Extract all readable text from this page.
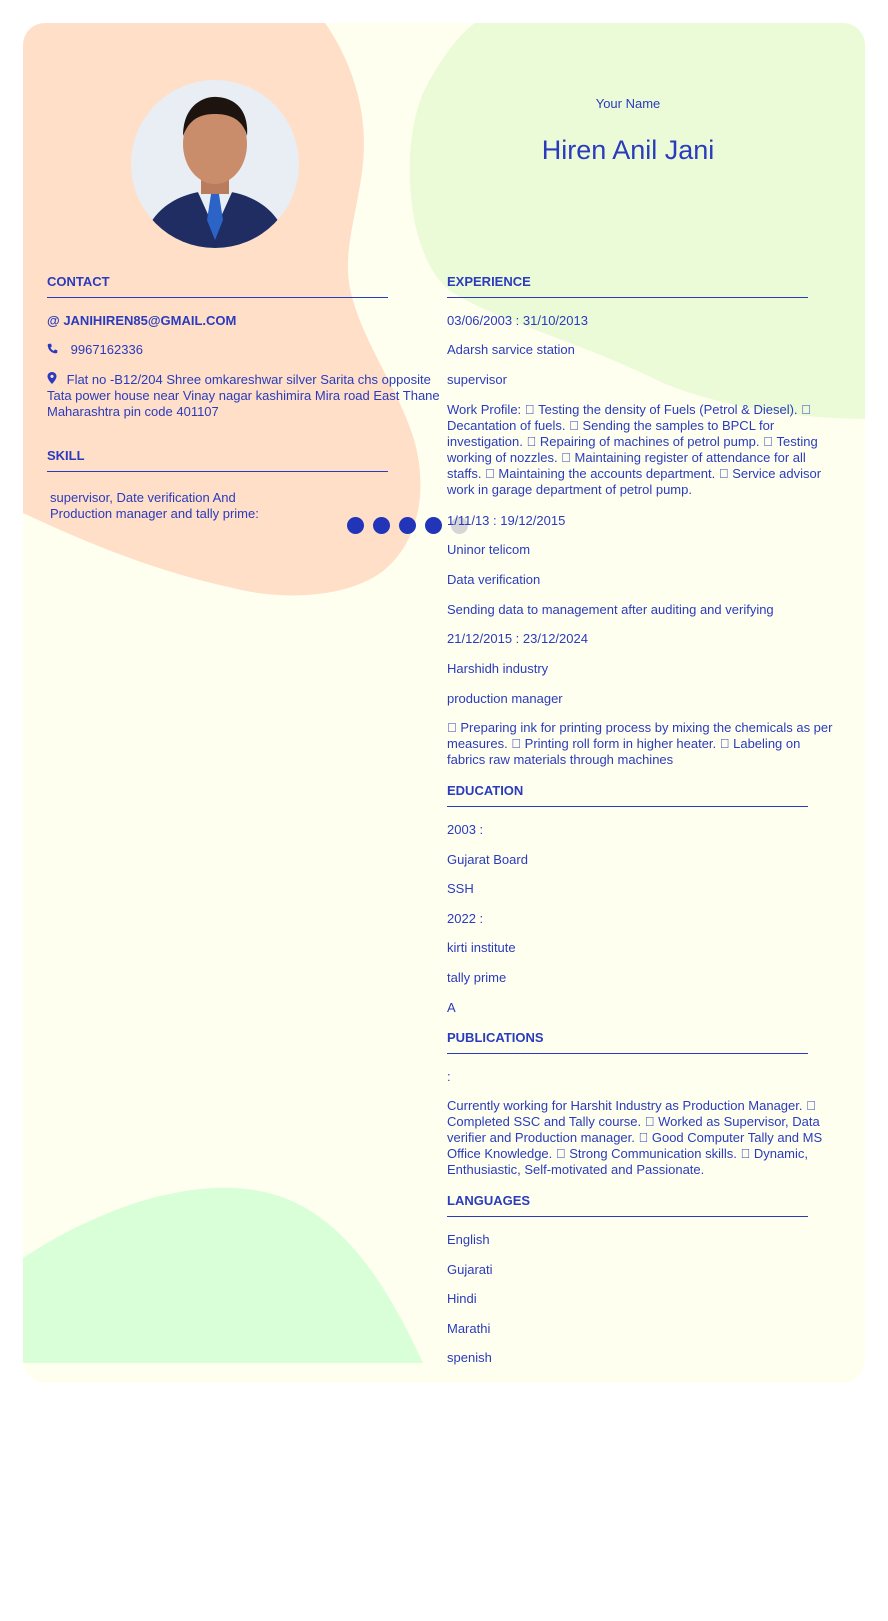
Your Name

Hiren Anil Jani

CONTACT

@ JANIHIREN85@GMAIL.COM

9967162336

Flat no -B12/204 Shree omkareshwar silver Sarita chs opposite Tata power house near Vinay nagar kashimira Mira road East Thane Maharashtra pin code 401107

SKILL

supervisor, Date verification And Production manager and tally prime:

EXPERIENCE

03/06/2003 : 31/10/2013

Adarsh sarvice station

supervisor

Work Profile: Testing the density of Fuels (Petrol & Diesel). Decantation of fuels. Sending the samples to BPCL for investigation. Repairing of machines of petrol pump. Testing working of nozzles. Maintaining register of attendance for all staffs. Maintaining the accounts department. Service advisor work in garage department of petrol pump.

1/11/13 : 19/12/2015

Uninor telicom

Data verification

Sending data to management after auditing and verifying

21/12/2015 : 23/12/2024

Harshidh industry

production manager

Preparing ink for printing process by mixing the chemicals as per measures. Printing roll form in higher heater. Labeling on fabrics raw materials through machines

EDUCATION

2003 :

Gujarat Board

SSH

2022 :

kirti institute

tally prime

A

PUBLICATIONS

:

Currently working for Harshit Industry as Production Manager. Completed SSC and Tally course. Worked as Supervisor, Data verifier and Production manager. Good Computer Tally and MS Office Knowledge. Strong Communication skills. Dynamic, Enthusiastic, Self-motivated and Passionate.

LANGUAGES

English

Gujarati

Hindi

Marathi

spenish
